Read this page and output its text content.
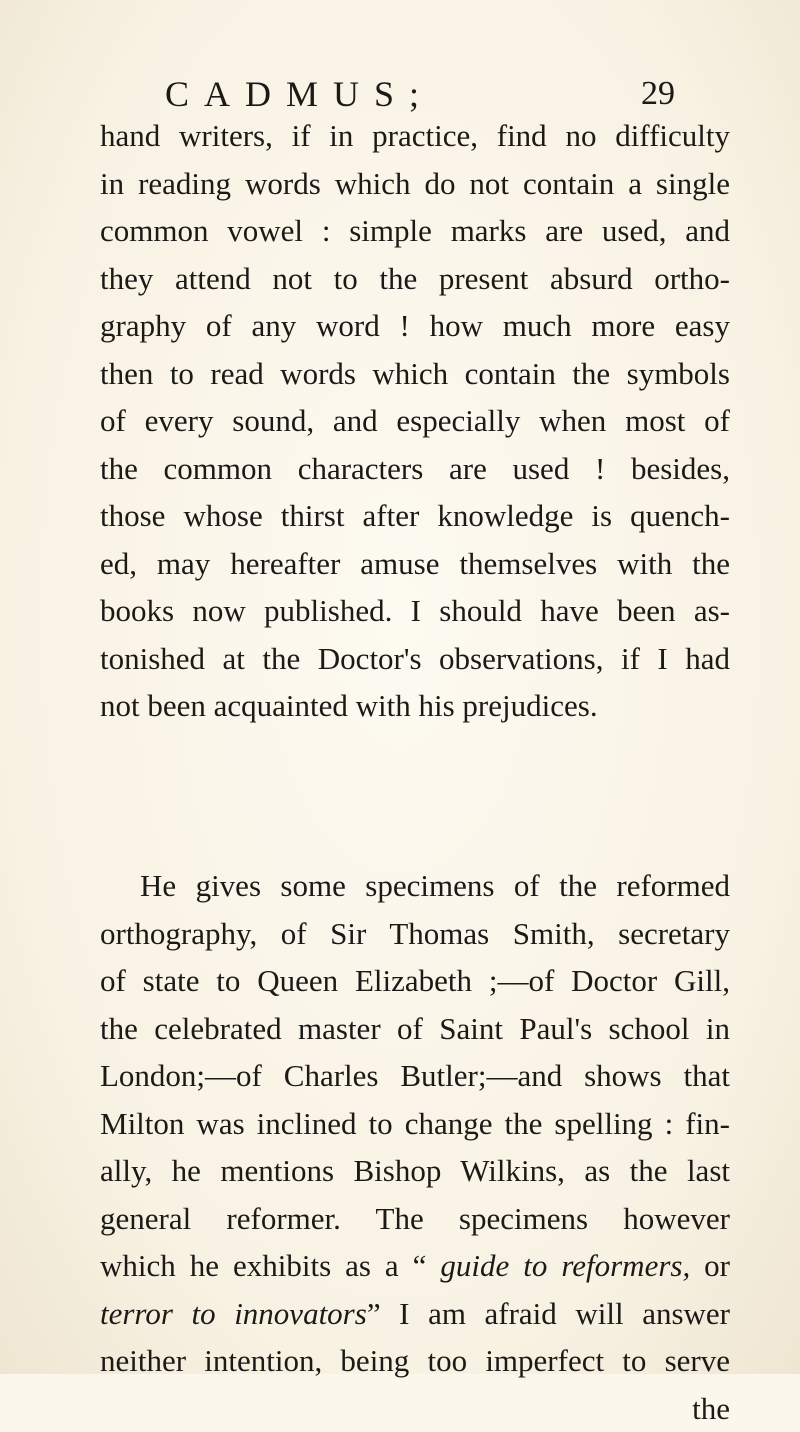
CADMUS;	29
hand writers, if in practice, find no difficulty
in reading words which do not contain a single
common vowel : simple marks are used, and
they attend not to the present absurd ortho-
graphy of any word ! how much more easy
then to read words which contain the symbols
of every sound, and especially when most of
the common characters are used ! besides,
those whose thirst after knowledge is quench-
ed, may hereafter amuse themselves with the
books now published. I should have been as-
tonished at the Doctor's observations, if I had
not been acquainted with his prejudices.
He gives some specimens of the reformed
orthography, of Sir Thomas Smith, secretary
of state to Queen Elizabeth ;—of Doctor Gill,
the celebrated master of Saint Paul's school in
London;—of Charles Butler;—and shows that
Milton was inclined to change the spelling : fin-
ally, he mentions Bishop Wilkins, as the last
general reformer. The specimens however
which he exhibits as a “ guide to reformers, or
terror to innovators” I am afraid will answer
neither intention, being too imperfect to serve
the
